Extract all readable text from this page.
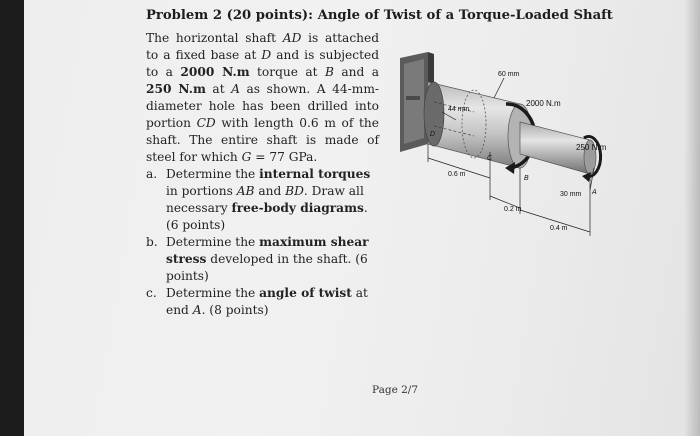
Problem 2 (20 points): Angle of Twist of a Torque-Loaded Shaft

The horizontal shaft AD is attached to a fixed base at D and is subjected to a 2000 N.m torque at B and a 250 N.m at A as shown. A 44-mm-diameter hole has been drilled into portion CD with length 0.6 m of the shaft. The entire shaft is made of steel for which G = 77 GPa.

a. Determine the internal torques in portions AB and BD. Draw all necessary free-body diagrams. (6 points)
b. Determine the maximum shear stress developed in the shaft. (6 points)
c. Determine the angle of twist at end A. (8 points)
60 mm
44 mm
2000 N.m
250 N.m
30 mm
D
C
B
A
0.6 m
0.2 m
0.4 m
Page 2/7
